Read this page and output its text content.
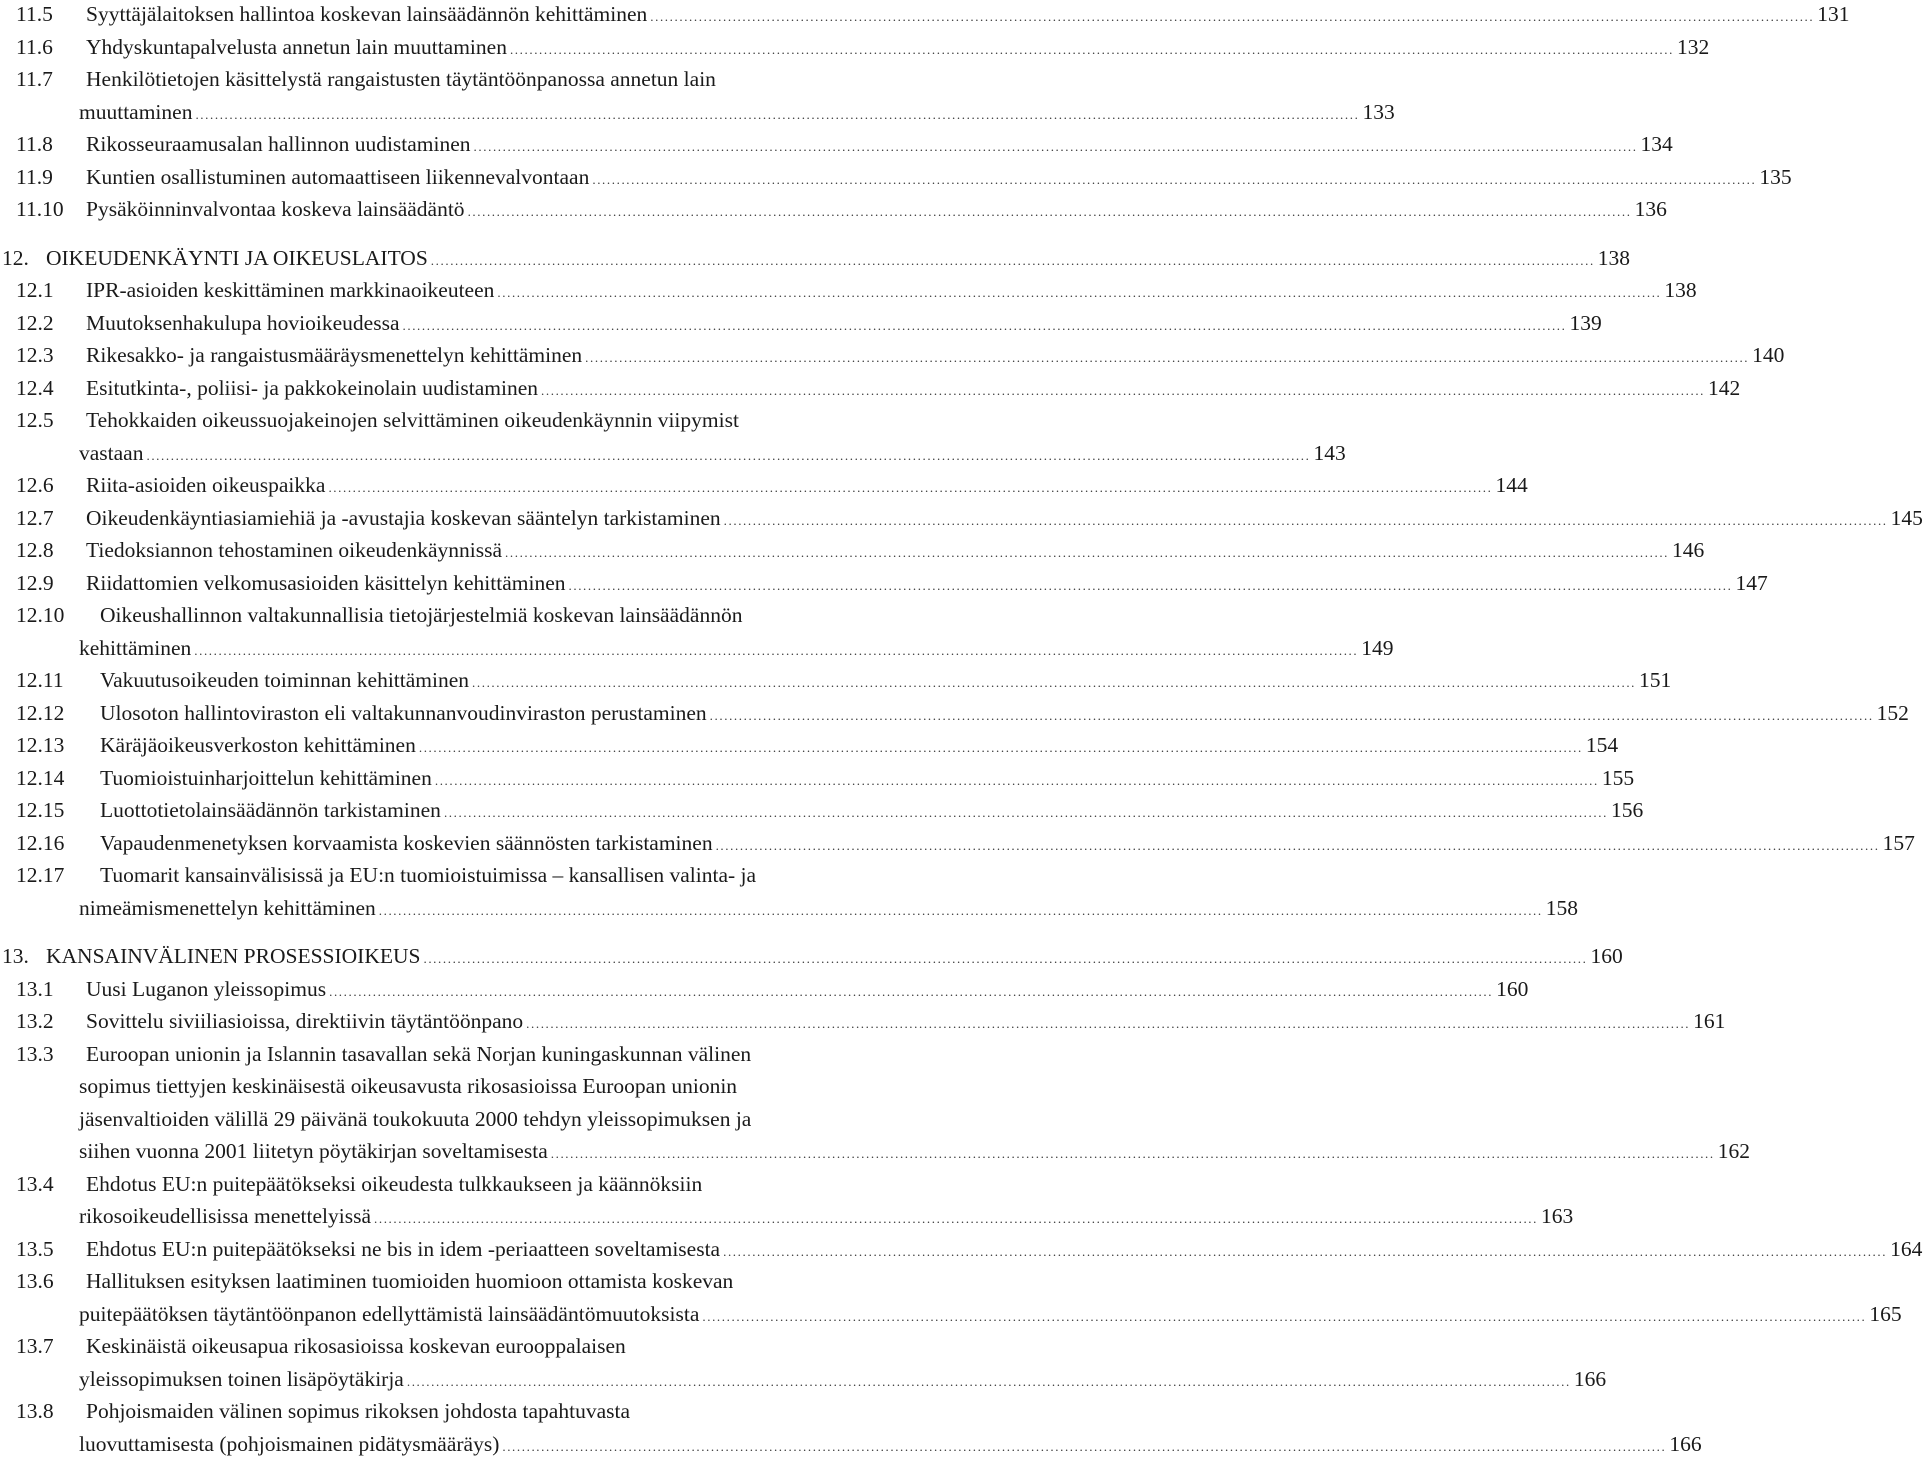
11.5 Syyttäjälaitoksen hallintoa koskevan lainsäädännön kehittäminen ................................................................................................................................................................................................................................................ 131
11.6 Yhdyskuntapalvelusta annetun lain muuttaminen ................................................................................................................................................................................................................................................ 132
11.7 Henkilötietojen käsittelystä rangaistusten täytäntöönpanossa annetun lain
muuttaminen ................................................................................................................................................................................................................................................ 133
11.8 Rikosseuraamusalan hallinnon uudistaminen ................................................................................................................................................................................................................................................ 134
11.9 Kuntien osallistuminen automaattiseen liikennevalvontaan ................................................................................................................................................................................................................................................ 135
11.10 Pysäköinninvalvontaa koskeva lainsäädäntö ................................................................................................................................................................................................................................................ 136
12. OIKEUDENKÄYNTI JA OIKEUSLAITOS ................................................................................................................................................................................................................................................ 138
12.1 IPR-asioiden keskittäminen markkinaoikeuteen ................................................................................................................................................................................................................................................ 138
12.2 Muutoksenhakulupa hovioikeudessa ................................................................................................................................................................................................................................................ 139
12.3 Rikesakko- ja rangaistusmääräysmenettelyn kehittäminen ................................................................................................................................................................................................................................................ 140
12.4 Esitutkinta-, poliisi- ja pakkokeinolain uudistaminen ................................................................................................................................................................................................................................................ 142
12.5 Tehokkaiden oikeussuojakeinojen selvittäminen oikeudenkäynnin viipymist
vastaan ................................................................................................................................................................................................................................................ 143
12.6 Riita-asioiden oikeuspaikka ................................................................................................................................................................................................................................................ 144
12.7 Oikeudenkäyntiasiamiehiä ja -avustajia koskevan sääntelyn tarkistaminen ................................................................................................................................................................................................................................................ 145
12.8 Tiedoksiannon tehostaminen oikeudenkäynnissä ................................................................................................................................................................................................................................................ 146
12.9 Riidattomien velkomusasioiden käsittelyn kehittäminen ................................................................................................................................................................................................................................................ 147
12.10 Oikeushallinnon valtakunnallisia tietojärjestelmiä koskevan lainsäädännön
kehittäminen ................................................................................................................................................................................................................................................ 149
12.11 Vakuutusoikeuden toiminnan kehittäminen ................................................................................................................................................................................................................................................ 151
12.12 Ulosoton hallintoviraston eli valtakunnanvoudinviraston perustaminen ................................................................................................................................................................................................................................................ 152
12.13 Käräjäoikeusverkoston kehittäminen ................................................................................................................................................................................................................................................ 154
12.14 Tuomioistuinharjoittelun kehittäminen ................................................................................................................................................................................................................................................ 155
12.15 Luottotietolainsäädännön tarkistaminen ................................................................................................................................................................................................................................................ 156
12.16 Vapaudenmenetyksen korvaamista koskevien säännösten tarkistaminen ................................................................................................................................................................................................................................................ 157
12.17 Tuomarit kansainvälisissä ja EU:n tuomioistuimissa – kansallisen valinta- ja
nimeämismenettelyn kehittäminen ................................................................................................................................................................................................................................................ 158
13. KANSAINVÄLINEN PROSESSIOIKEUS ................................................................................................................................................................................................................................................ 160
13.1 Uusi Luganon yleissopimus ................................................................................................................................................................................................................................................ 160
13.2 Sovittelu siviiliasioissa, direktiivin täytäntöönpano ................................................................................................................................................................................................................................................ 161
13.3 Euroopan unionin ja Islannin tasavallan sekä Norjan kuningaskunnan välinen
sopimus tiettyjen keskinäisestä oikeusavusta rikosasioissa Euroopan unionin
jäsenvaltioiden välillä 29 päivänä toukokuuta 2000 tehdyn yleissopimuksen ja
siihen vuonna 2001 liitetyn pöytäkirjan soveltamisesta ................................................................................................................................................................................................................................................ 162
13.4 Ehdotus EU:n puitepäätökseksi oikeudesta tulkkaukseen ja käännöksiin
rikosoikeudellisissa menettelyissä ................................................................................................................................................................................................................................................ 163
13.5 Ehdotus EU:n puitepäätökseksi ne bis in idem -periaatteen soveltamisesta ................................................................................................................................................................................................................................................ 164
13.6 Hallituksen esityksen laatiminen tuomioiden huomioon ottamista koskevan
puitepäätöksen täytäntöönpanon edellyttämistä lainsäädäntömuutoksista ................................................................................................................................................................................................................................................ 165
13.7 Keskinäistä oikeusapua rikosasioissa koskevan eurooppalaisen
yleissopimuksen toinen lisäpöytäkirja ................................................................................................................................................................................................................................................ 166
13.8 Pohjoismaiden välinen sopimus rikoksen johdosta tapahtuvasta
luovuttamisesta (pohjoismainen pidätysmääräys) ................................................................................................................................................................................................................................................ 166
